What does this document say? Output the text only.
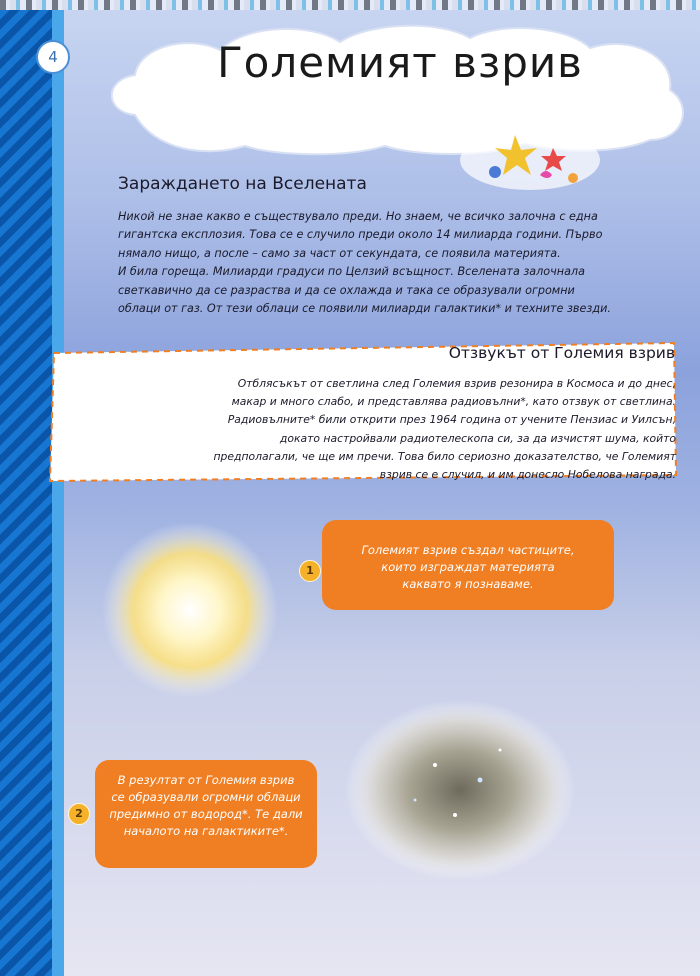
4	Големият взрив
Зараждането на Вселената
Никой не знае какво е съществувало преди. Но знаем, че всичко залочна с една
гигантска експлозия. Това се е случило преди около 14 милиарда години. Първо
нямало нищо, а после – само за част от секундата, се появила материята.
И била гореща. Милиарди градуси по Целзий всъщност. Вселената залочнала
светкавично да се разраства и да се охлажда и така се образували огромни
облаци от газ. От тези облаци се появили милиарди галактики* и техните звезди.
Отзвукът от Големия взрив
Отблясъкът от светлина след Големия взрив резонира в Космоса и до днес,
макар и много слабо, и представлява радиовълни*, като отзвук от светлина.
Радиовълните* били открити през 1964 година от учените Пензиас и Уилсън,
докато настройвали радиотелескопа си, за да изчистят шума, който
предполагали, че ще им пречи. Това било сериозно доказателство, че Големият
взрив се е случил, и им донесло Нобелова награда.
1
Големият взрив създал частиците,
които изграждат материята
каквато я познаваме.
2
В резултат от Големия взрив
се образували огромни облаци
предимно от водород*. Те дали
началото на галактиките*.
